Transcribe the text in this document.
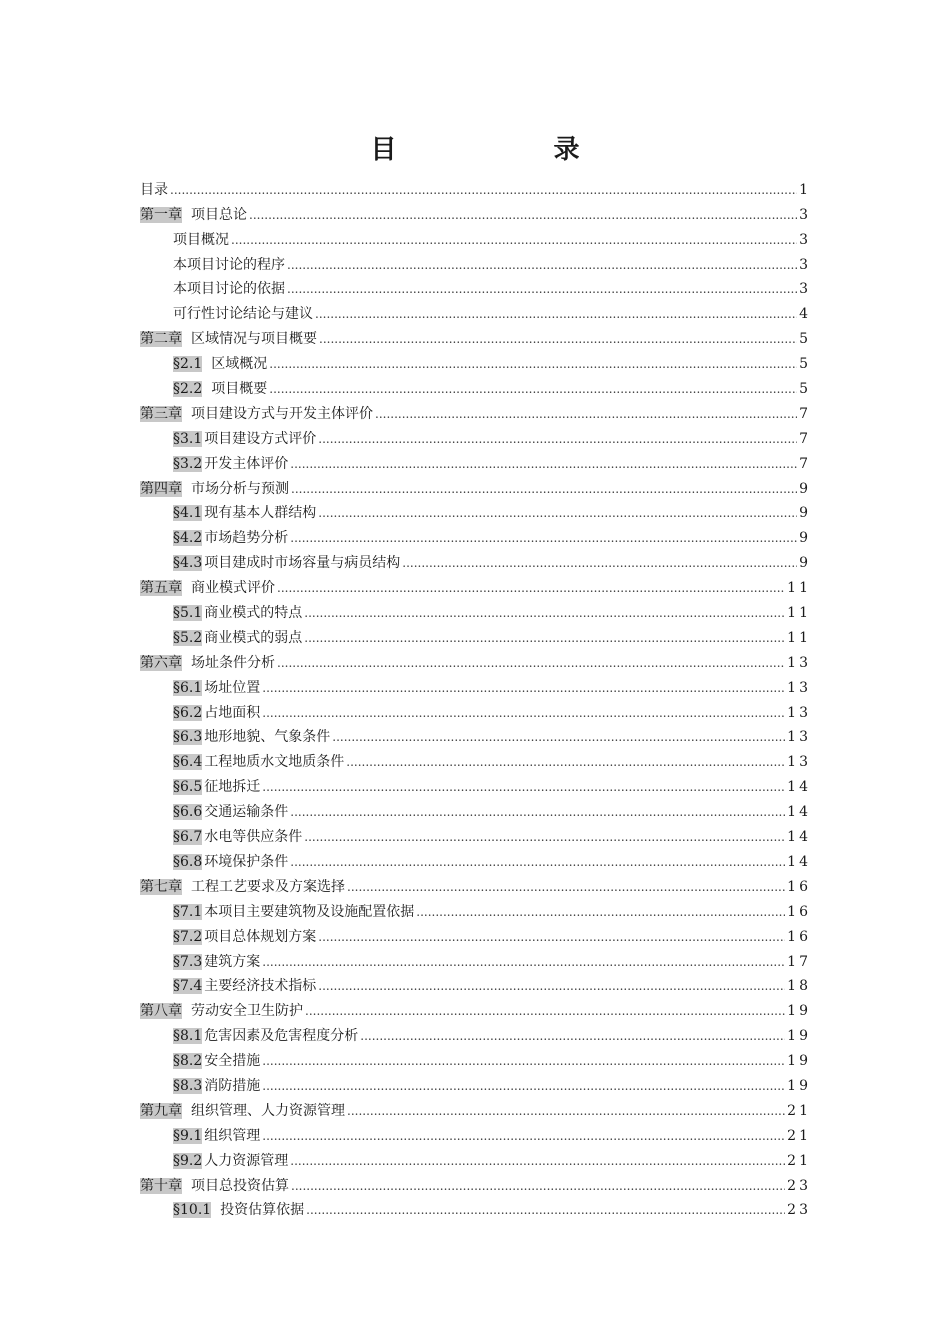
目 录
目录 .....	1
第一章 项目总论 .....	3
项目概况 .....	3
本项目讨论的程序 .....	3
本项目讨论的依据 .....	3
可行性讨论结论与建议 .....	4
第二章 区域情况与项目概要 .....	5
§2.1 区域概况 .....	5
§2.2 项目概要 .....	5
第三章 项目建设方式与开发主体评价 .....	7
§3.1 项目建设方式评价 .....	7
§3.2 开发主体评价 .....	7
第四章 市场分析与预测 .....	9
§4.1 现有基本人群结构 .....	9
§4.2 市场趋势分析 .....	9
§4.3 项目建成时市场容量与病员结构 .....	9
第五章 商业模式评价 .....	11
§5.1 商业模式的特点 .....	11
§5.2 商业模式的弱点 .....	11
第六章 场址条件分析 .....	13
§6.1 场址位置 .....	13
§6.2 占地面积 .....	13
§6.3 地形地貌、气象条件 .....	13
§6.4 工程地质水文地质条件 .....	13
§6.5 征地拆迁 .....	14
§6.6 交通运输条件 .....	14
§6.7 水电等供应条件 .....	14
§6.8 环境保护条件 .....	14
第七章 工程工艺要求及方案选择 .....	16
§7.1 本项目主要建筑物及设施配置依据 .....	16
§7.2 项目总体规划方案 .....	16
§7.3 建筑方案 .....	17
§7.4 主要经济技术指标 .....	18
第八章 劳动安全卫生防护 .....	19
§8.1 危害因素及危害程度分析 .....	19
§8.2 安全措施 .....	19
§8.3 消防措施 .....	19
第九章 组织管理、人力资源管理 .....	21
§9.1 组织管理 .....	21
§9.2 人力资源管理 .....	21
第十章 项目总投资估算 .....	23
§10.1 投资估算依据 .....	23
